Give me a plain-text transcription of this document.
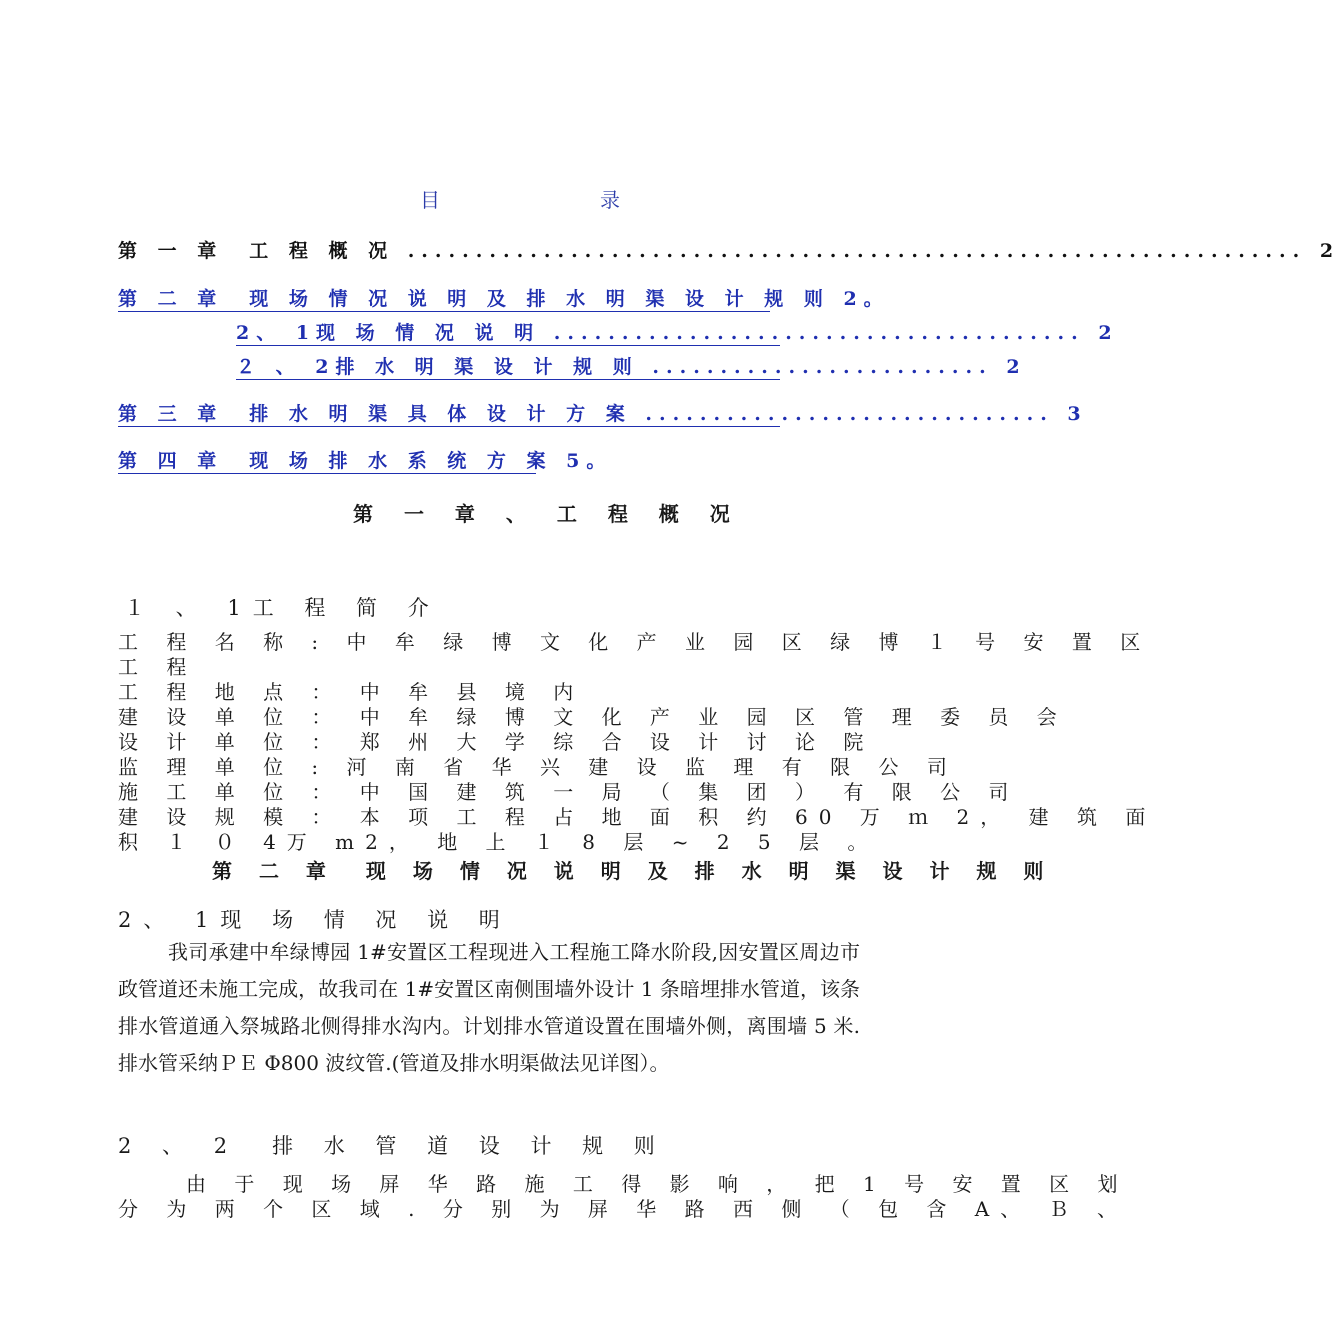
目　录
第 一 章　工 程 概 况 .................................................................. 2
第 二 章　现 场 情 况 说 明 及 排 水 明 渠 设 计 规 则 2。
2、 1现 场 情 况 说 明 ....................................... 2
２ 、 2排 水 明 渠 设 计 规 则 ......................... 2
第 三 章　排 水 明 渠 具 体 设 计 方 案 .............................. 3
第 四 章　现 场 排 水 系 统 方 案 5。
第 一 章 、 工 程 概 况
１ 、 1工 程 简 介
工 程 名 称 : 中 牟 绿 博 文 化 产 业 园 区 绿 博 １ 号 安 置 区
工 程
工 程 地 点 ： 中 牟 县 境 内
建 设 单 位 ： 中 牟 绿 博 文 化 产 业 园 区 管 理 委 员 会
设 计 单 位 ： 郑 州 大 学 综 合 设 计 讨 论 院
监 理 单 位 : 河 南 省 华 兴 建 设 监 理 有 限 公 司
施 工 单 位 ： 中 国 建 筑 一 局 （ 集 团 ） 有 限 公 司
建 设 规 模 ： 本 项 工 程 占 地 面 积 约 60 万 ｍ 2， 建 筑 面
积 １ ０ 4万 m2， 地 上 １ 8 层 ~ 2 5 层 。
第 二 章　现 场 情 况 说 明 及 排 水 明 渠 设 计 规 则
2、 1现 场 情 况 说 明
我司承建中牟绿博园 1#安置区工程现进入工程施工降水阶段,因安置区周边市政管道还未施工完成，故我司在 1#安置区南侧围墙外设计 1 条暗埋排水管道，该条排水管道通入祭城路北侧得排水沟内。计划排水管道设置在围墙外侧，离围墙 5 米.排水管采纳ＰＥ Φ800 波纹管.(管道及排水明渠做法见详图）。
2 、 2　排 水 管 道 设 计 规 则
由 于 现 场 屏 华 路 施 工 得 影 响 ， 把 1 号 安 置 区 划
分 为 两 个 区 域 . 分 别 为 屏 华 路 西 侧 （ 包 含 A、 Ｂ 、
